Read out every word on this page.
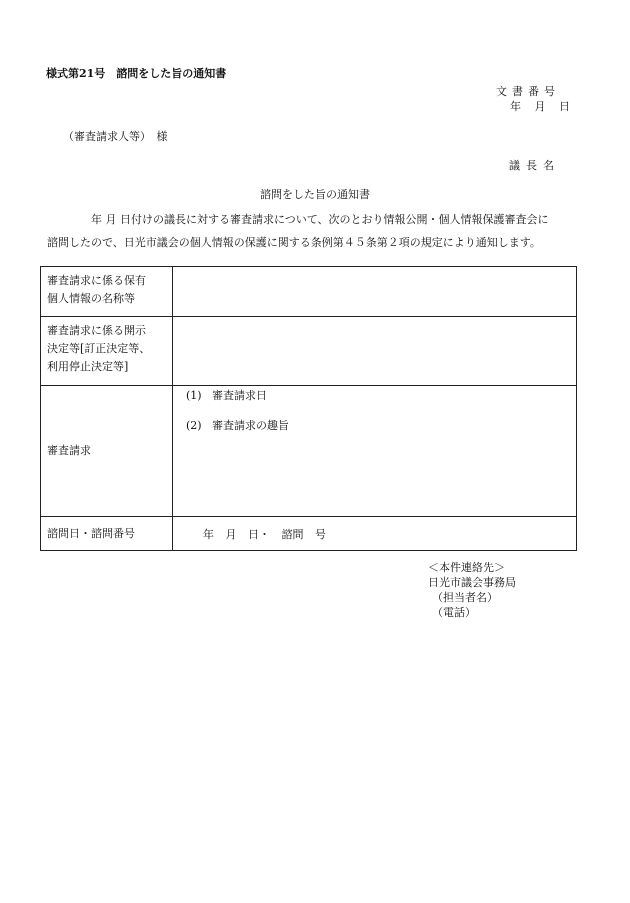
様式第21号　諮問をした旨の通知書
文書番号
年 月 日
（審査請求人等）　様
議長名
諮問をした旨の通知書

年 月 日付けの議長に対する審査請求について、次のとおり情報公開・個人情報保護審査会に

諮問したので、日光市議会の個人情報の保護に関する条例第４５条第２項の規定により通知します。

審査請求に係る保有
個人情報の名称等	

審査請求に係る開示
決定等[訂正決定等、
利用停止決定等]	

審査請求	(1) 審査請求日
(2) 審査請求の趣旨

諮問日・諮問番号	年 月 日・ 諮問 号
＜本件連絡先＞
日光市議会事務局
（担当者名）
（電話）
